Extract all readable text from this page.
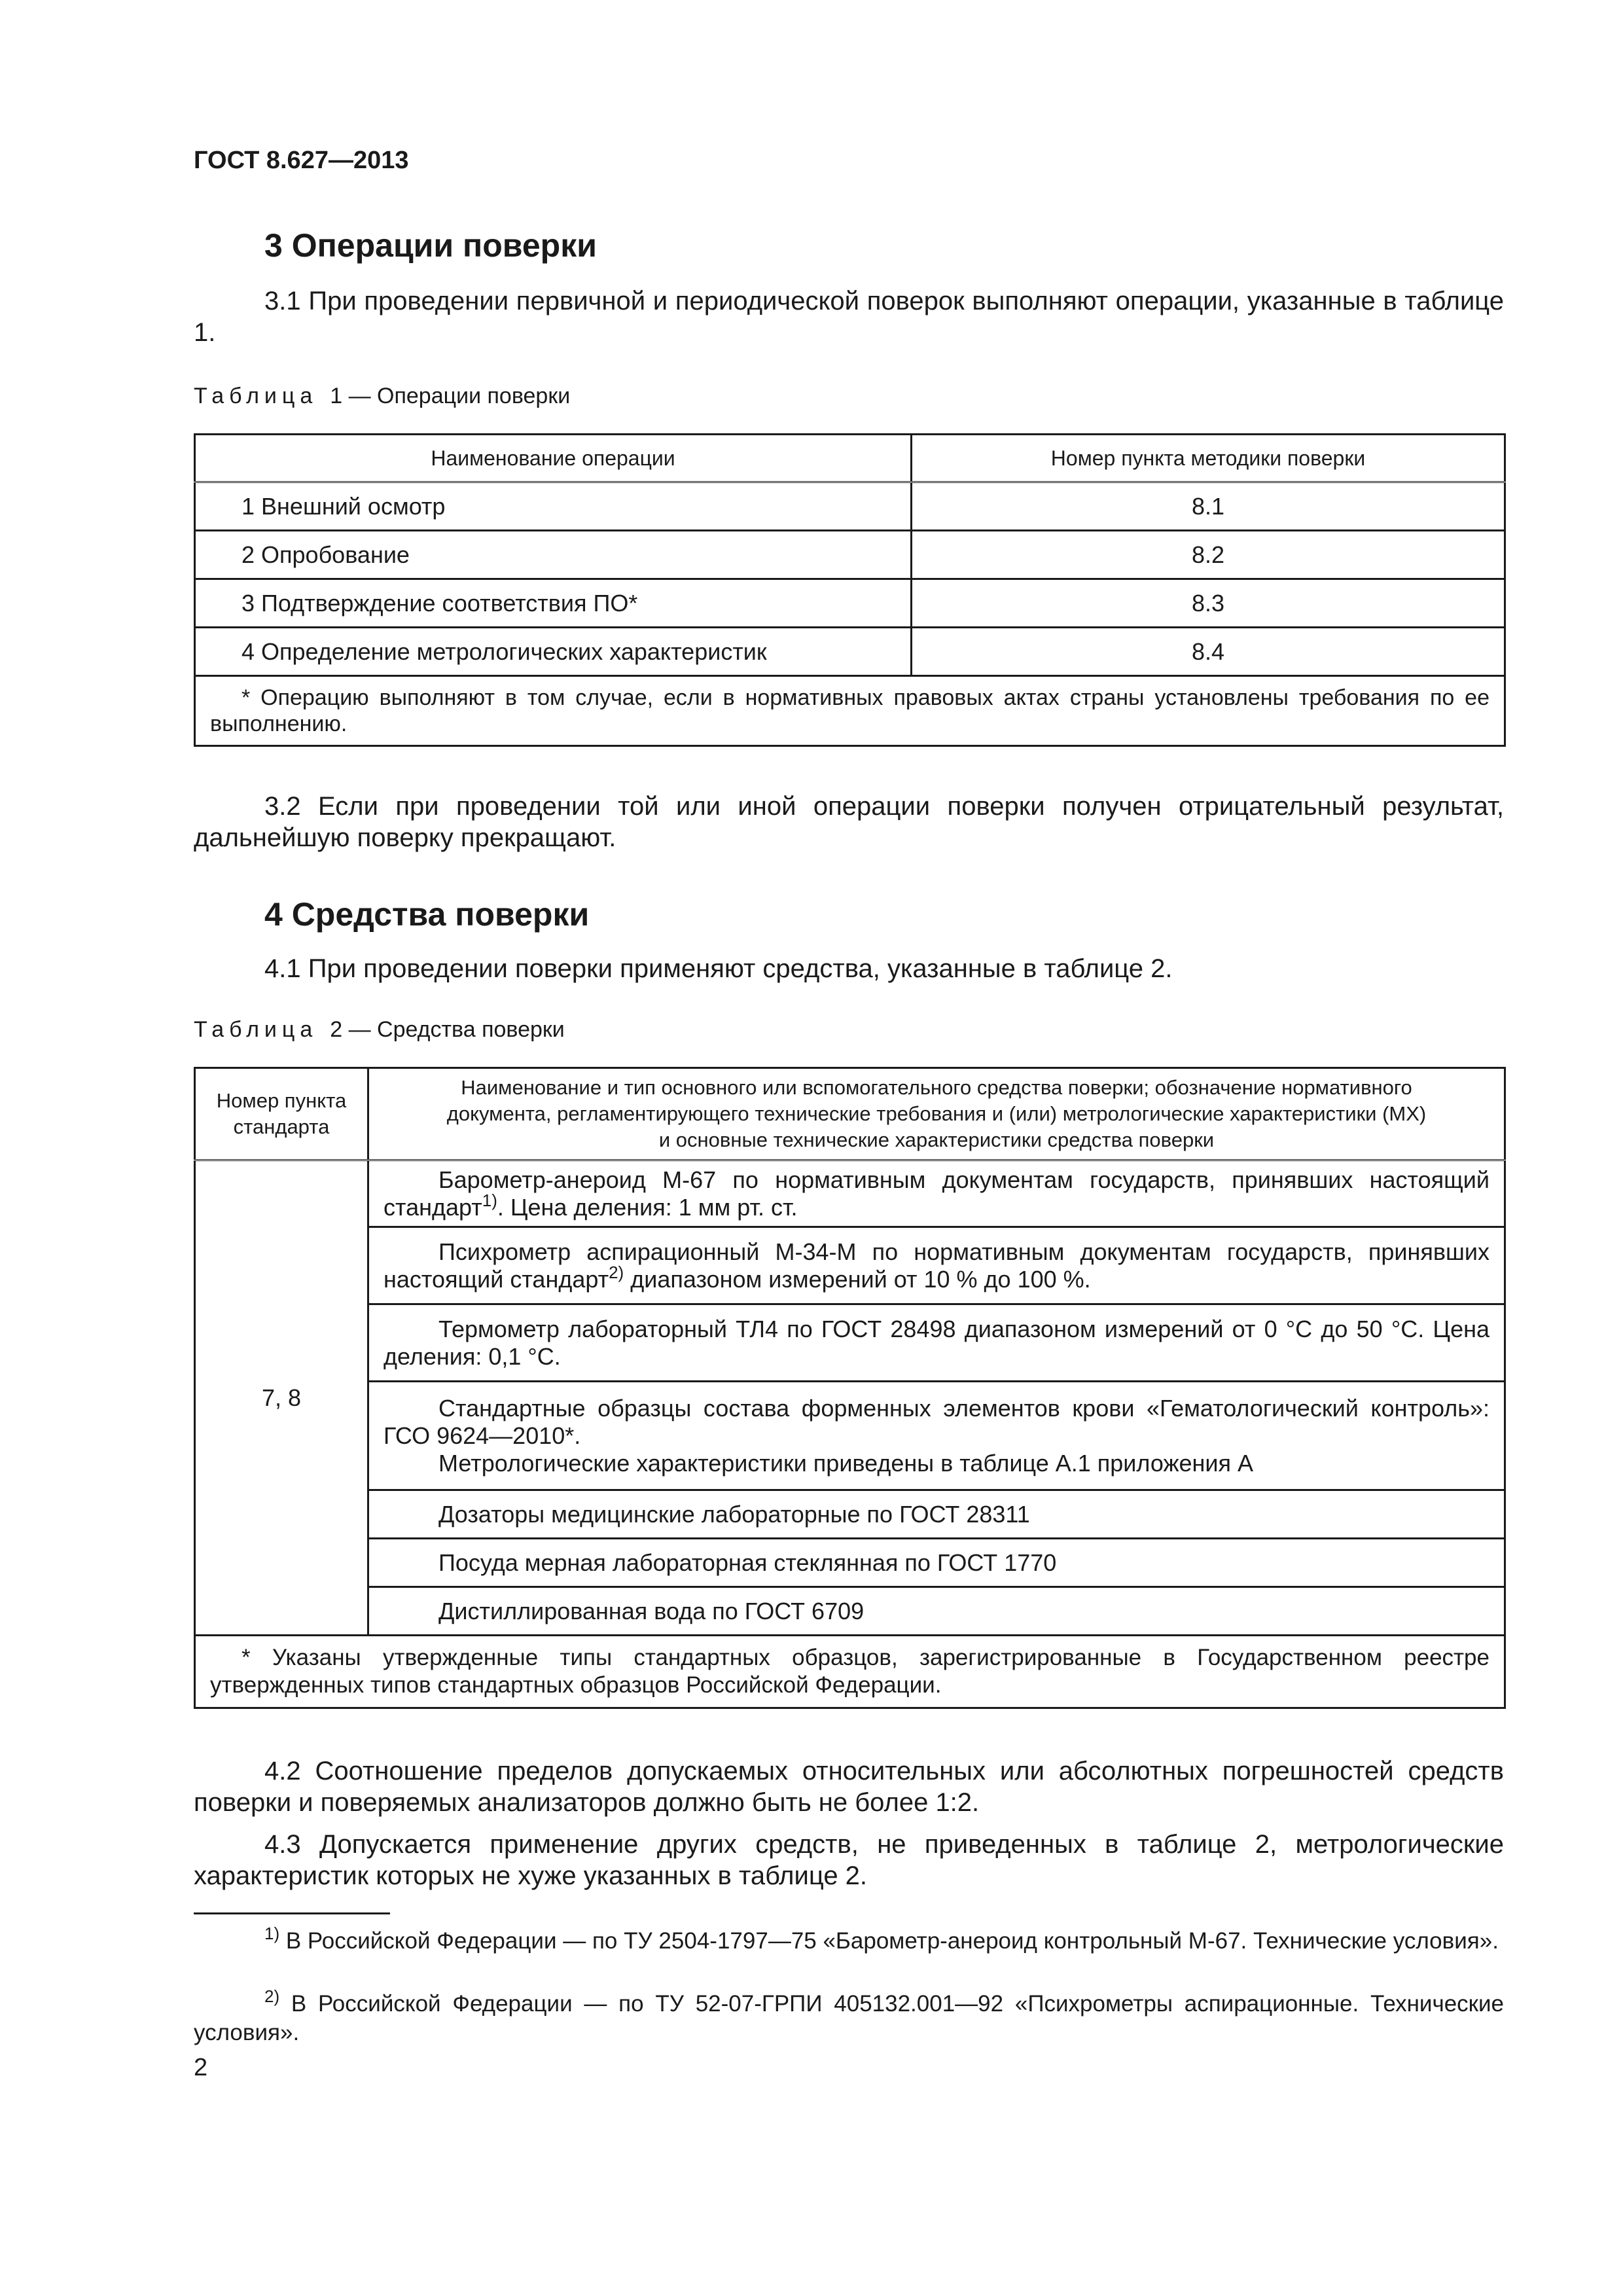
ГОСТ 8.627—2013
3 Операции поверки
3.1 При проведении первичной и периодической поверок выполняют операции, указанные в таблице 1.
Таблица 1 — Операции поверки
Наименование операции	Номер пункта методики поверки
1 Внешний осмотр	8.1
2 Опробование	8.2
3 Подтверждение соответствия ПО*	8.3
4 Определение метрологических характеристик	8.4

* Операцию выполняют в том случае, если в нормативных правовых актах страны установлены требования по ее выполнению.	
3.2 Если при проведении той или иной операции поверки получен отрицательный результат, дальнейшую поверку прекращают.
4 Средства поверки
4.1 При проведении поверки применяют средства, указанные в таблице 2.
Таблица 2 — Средства поверки
Номер пункта стандарта	Наименование и тип основного или вспомогательного средства поверки; обозначение нормативного
документа, регламентирующего технические требования и (или) метрологические характеристики (МХ)
и основные технические характеристики средства поверки

7, 8	Барометр-анероид М-67 по нормативным документам государств, принявших настоящий стандарт$^{1)}$. Цена деления: 1 мм рт. ст.
	Психрометр аспирационный М-34-М по нормативным документам государств, принявших настоящий стандарт$^{2)}$ диапазоном измерений от 10 % до 100 %.
	Термометр лабораторный ТЛ4 по ГОСТ 28498 диапазоном измерений от 0 °С до 50 °С. Цена деления: 0,1 °С.

	Стандартные образцы состава форменных элементов крови «Гематологический контроль»: ГСО 9624—2010*.
Метрологические характеристики приведены в таблице А.1 приложения А

	Дозаторы медицинские лабораторные по ГОСТ 28311
	Посуда мерная лабораторная стеклянная по ГОСТ 1770
	Дистиллированная вода по ГОСТ 6709

* Указаны утвержденные типы стандартных образцов, зарегистрированные в Государственном реестре утвержденных типов стандартных образцов Российской Федерации.	
4.2 Соотношение пределов допускаемых относительных или абсолютных погрешностей средств поверки и поверяемых анализаторов должно быть не более 1:2.
4.3 Допускается применение других средств, не приведенных в таблице 2, метрологические характеристик которых не хуже указанных в таблице 2.
$^{1)}$ В Российской Федерации — по ТУ 2504-1797—75 «Барометр-анероид контрольный М-67. Технические условия».
$^{2)}$ В Российской Федерации — по ТУ 52-07-ГРПИ 405132.001—92 «Психрометры аспирационные. Технические условия».
2
